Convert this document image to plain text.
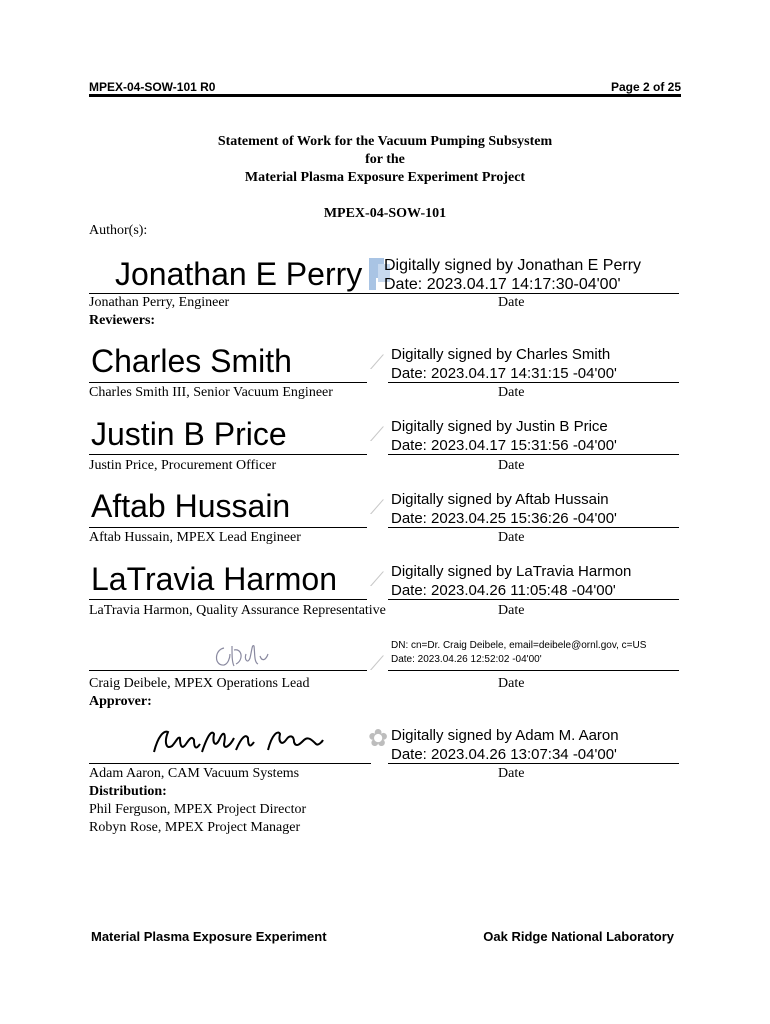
MPEX-04-SOW-101 R0	Page 2 of 25
Statement of Work for the Vacuum Pumping Subsystem
for the
Material Plasma Exposure Experiment Project
MPEX-04-SOW-101
Author(s):
Jonathan E Perry Digitally signed by Jonathan E Perry
Date: 2023.04.17 14:17:30-04'00'
Jonathan Perry, Engineer	Date
Reviewers:
Charles Smith	⟋ Digitally signed by Charles Smith
Date: 2023.04.17 14:31:15 -04'00'
Charles Smith III, Senior Vacuum Engineer	Date
Justin B Price	⟋ Digitally signed by Justin B Price
Date: 2023.04.17 15:31:56 -04'00'
Justin Price, Procurement Officer	Date
Aftab Hussain	⟋ Digitally signed by Aftab Hussain
Date: 2023.04.25 15:36:26 -04'00'
Aftab Hussain, MPEX Lead Engineer	Date
LaTravia Harmon ⟋ Digitally signed by LaTravia Harmon
Date: 2023.04.26 11:05:48 -04'00'
LaTravia Harmon, Quality Assurance Representative	Date
⟋
DN: cn=Dr. Craig Deibele, email=deibele@ornl.gov, c=US
Date: 2023.04.26 12:52:02 -04'00'
Craig Deibele, MPEX Operations Lead	Date
Approver:
✿ Digitally signed by Adam M. Aaron
Date: 2023.04.26 13:07:34 -04'00'
Adam Aaron, CAM Vacuum Systems	Date
Distribution:
Phil Ferguson, MPEX Project Director
Robyn Rose, MPEX Project Manager
Material Plasma Exposure Experiment	Oak Ridge National Laboratory
